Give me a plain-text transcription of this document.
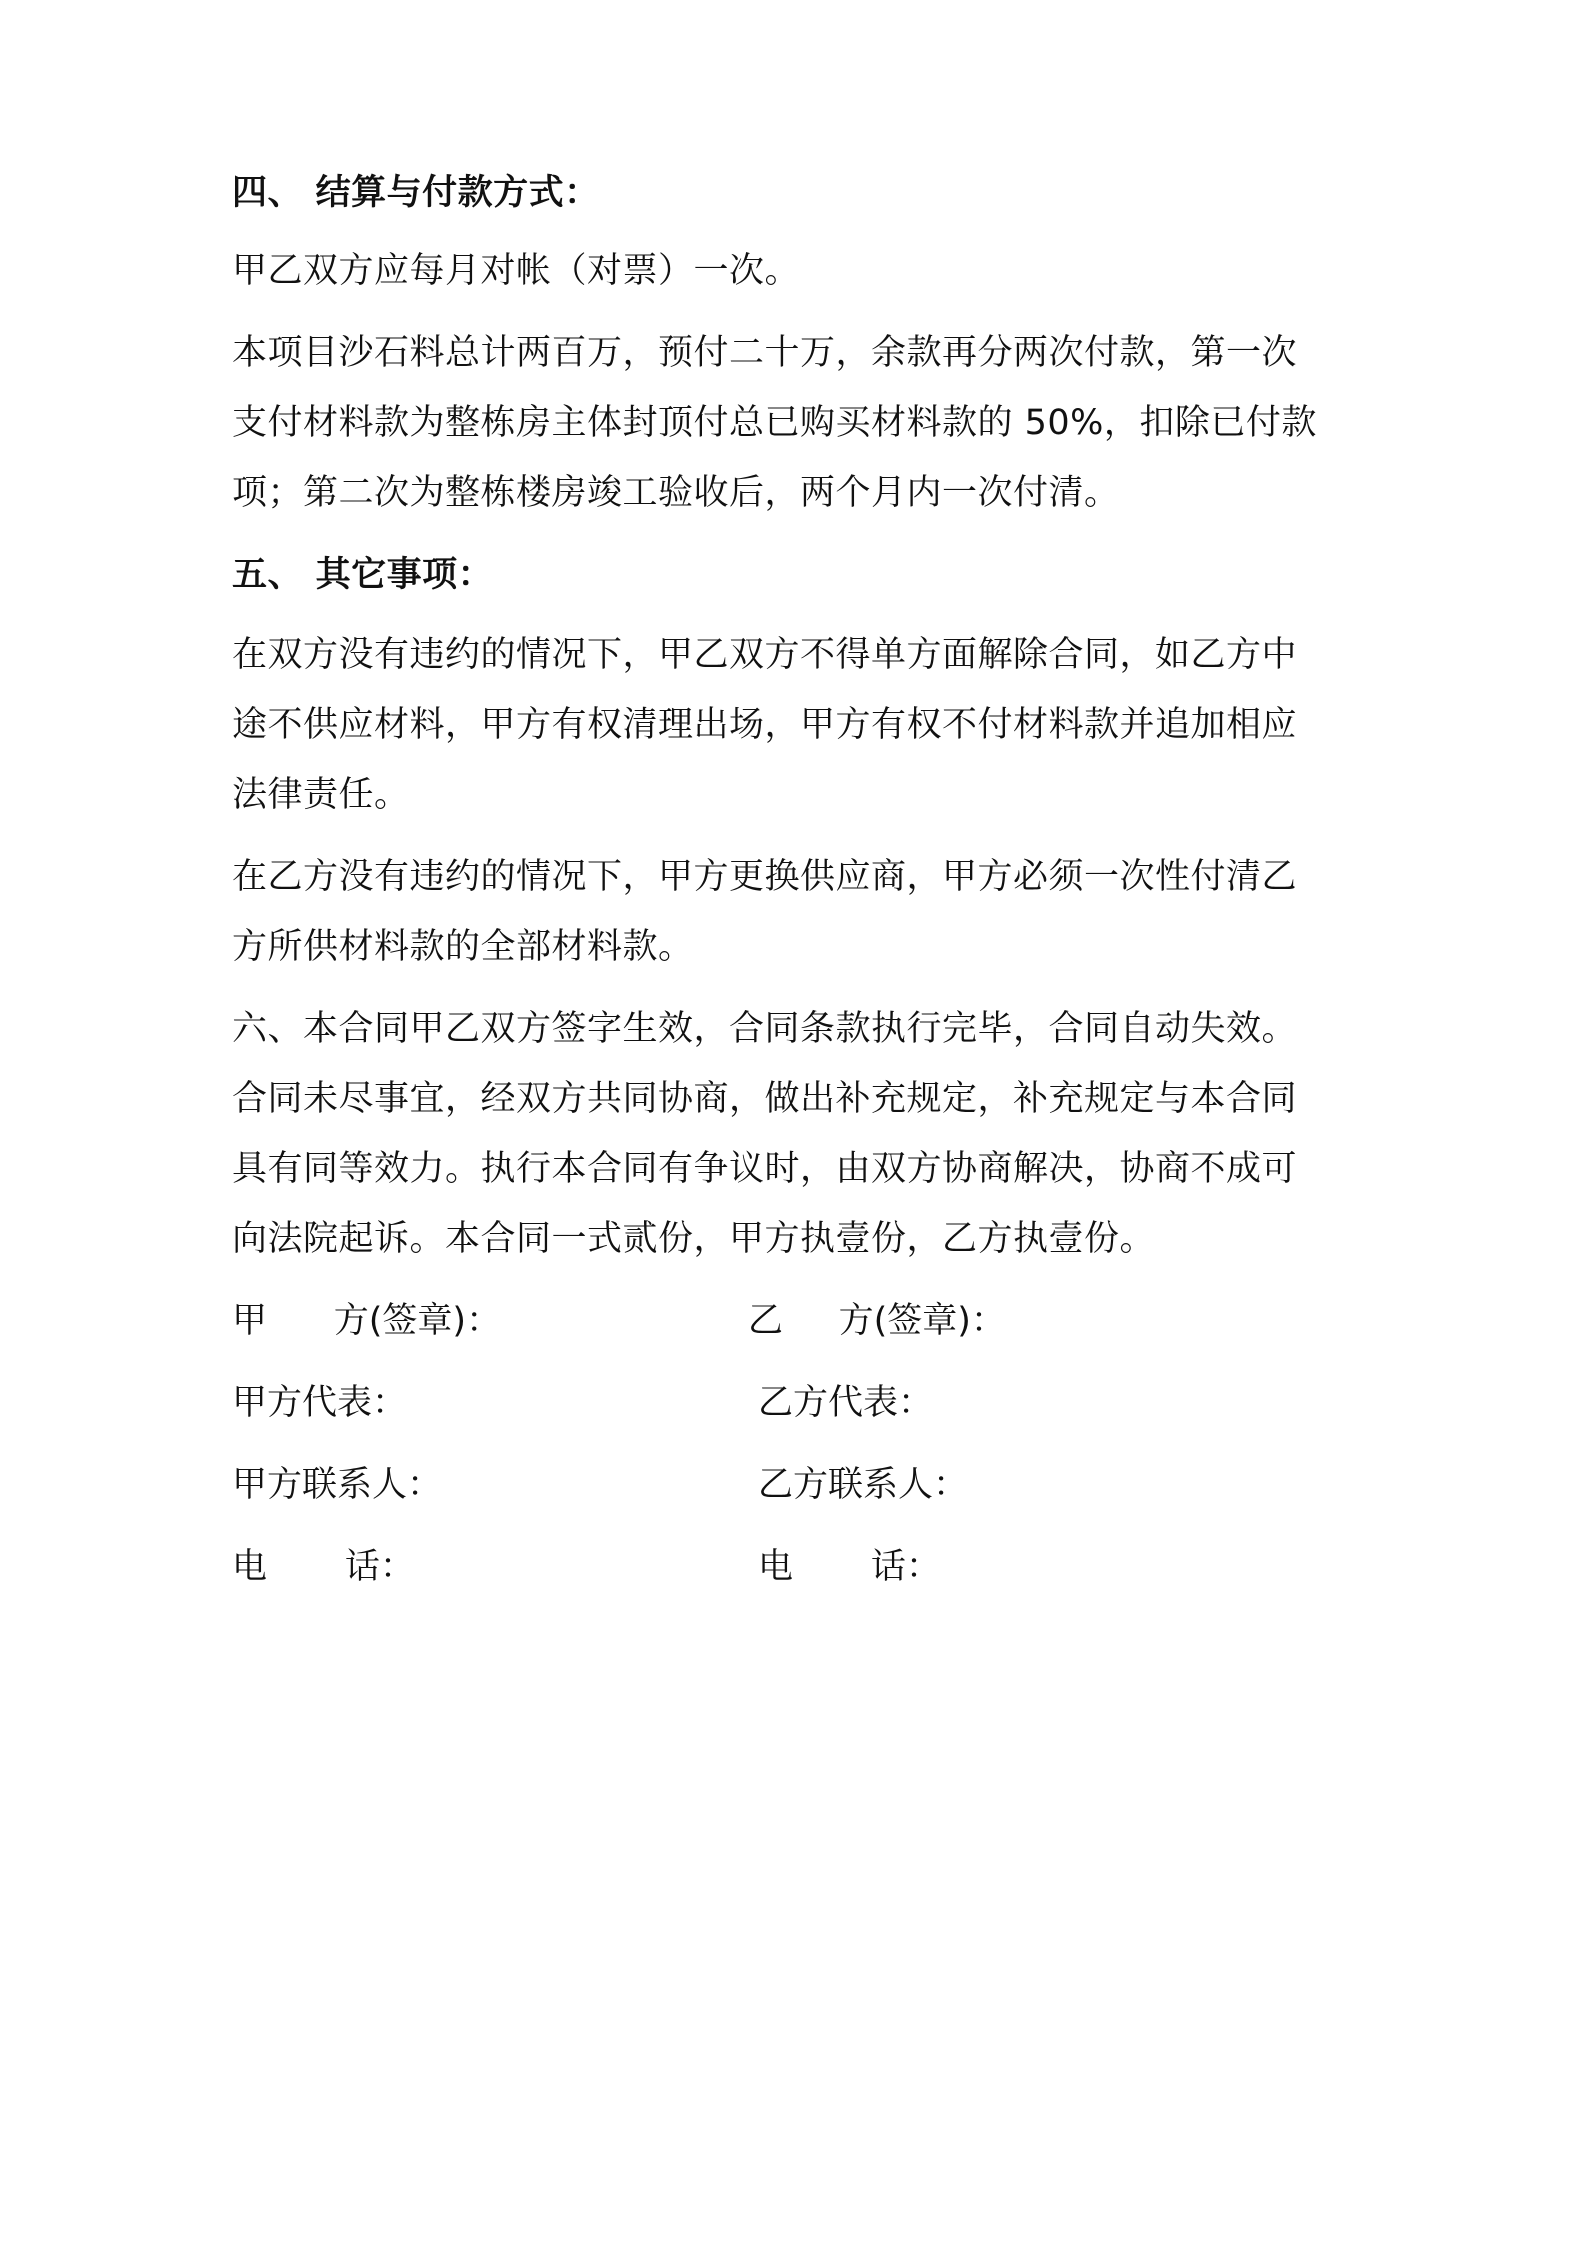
四、 结算与付款方式：
甲乙双方应每月对帐（对票）一次。
本项目沙石料总计两百万，预付二十万，余款再分两次付款，第一次
支付材料款为整栋房主体封顶付总已购买材料款的 50%，扣除已付款
项；第二次为整栋楼房竣工验收后，两个月内一次付清。
五、 其它事项：
在双方没有违约的情况下，甲乙双方不得单方面解除合同，如乙方中
途不供应材料，甲方有权清理出场，甲方有权不付材料款并追加相应
法律责任。
在乙方没有违约的情况下，甲方更换供应商，甲方必须一次性付清乙
方所供材料款的全部材料款。
六、本合同甲乙双方签字生效，合同条款执行完毕，合同自动失效。
合同未尽事宜，经双方共同协商，做出补充规定，补充规定与本合同
具有同等效力。执行本合同有争议时，由双方协商解决，协商不成可
向法院起诉。本合同一式贰份，甲方执壹份，乙方执壹份。
甲      方(签章)：
甲方代表：
甲方联系人：
电       话：
乙     方(签章)：
乙方代表：
乙方联系人：
电       话：
